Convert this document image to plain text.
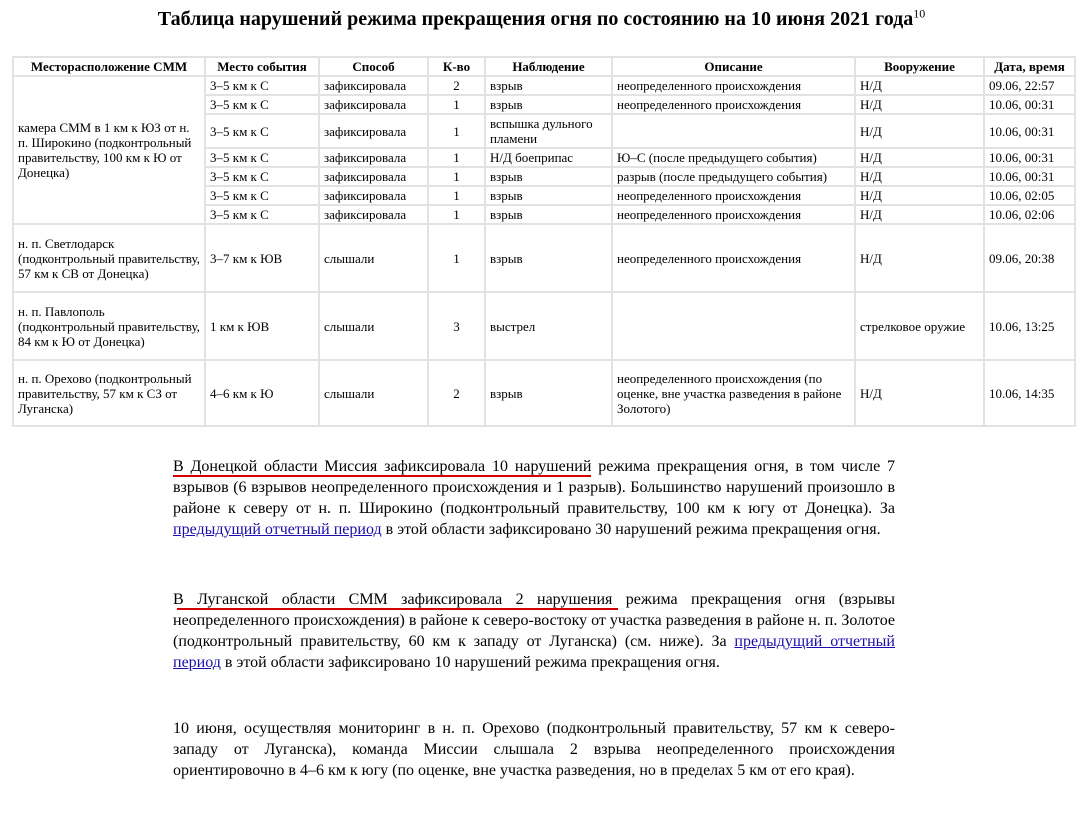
Таблица нарушений режима прекращения огня по состоянию на 10 июня 2021 года$^{10}$
Месторасположение СММ	Место события	Способ	К-во	Наблюдение	Описание	Вооружение	Дата, время
камера СММ в 1 км к ЮЗ от н. п. Широкино (подконтрольный правительству, 100 км к Ю от Донецка)	3–5 км к С	зафиксировала	2	взрыв	неопределенного происхождения	Н/Д	09.06, 22:57
	3–5 км к С	зафиксировала	1	взрыв	неопределенного происхождения	Н/Д	10.06, 00:31
	3–5 км к С	зафиксировала	1	вспышка дульного пламени		Н/Д	10.06, 00:31
	3–5 км к С	зафиксировала	1	Н/Д боеприпас	Ю–С (после предыдущего события)	Н/Д	10.06, 00:31
	3–5 км к С	зафиксировала	1	взрыв	разрыв (после предыдущего события)	Н/Д	10.06, 00:31
	3–5 км к С	зафиксировала	1	взрыв	неопределенного происхождения	Н/Д	10.06, 02:05
	3–5 км к С	зафиксировала	1	взрыв	неопределенного происхождения	Н/Д	10.06, 02:06
н. п. Светлодарск (подконтрольный правительству, 57 км к СВ от Донецка)	3–7 км к ЮВ	слышали	1	взрыв	неопределенного происхождения	Н/Д	09.06, 20:38
н. п. Павлополь (подконтрольный правительству, 84 км к Ю от Донецка)	1 км к ЮВ	слышали	3	выстрел		стрелковое оружие	10.06, 13:25
н. п. Орехово (подконтрольный правительству, 57 км к СЗ от Луганска)	4–6 км к Ю	слышали	2	взрыв	неопределенного происхождения (по оценке, вне участка разведения в районе Золотого)	Н/Д	10.06, 14:35
В Донецкой области Миссия зафиксировала 10 нарушений
режима прекращения огня, в том числе 7 взрывов (6 взрывов неопределенного происхождения и 1 разрыв). Большинство нарушений произошло в районе к северу от н. п. Широкино (подконтрольный правительству, 100 км к югу от Донецка). За предыдущий отчетный период в этой области зафиксировано 30 нарушений режима прекращения огня.
В Луганской области СММ зафиксировала 2 нарушения
режима прекращения огня (взрывы неопределенного происхождения) в районе к северо-востоку от участка разведения в районе н. п. Золотое (подконтрольный правительству, 60 км к западу от Луганска) (см. ниже). За предыдущий отчетный период в этой области зафиксировано 10 нарушений режима прекращения огня.
10 июня, осуществляя мониторинг в н. п. Орехово (подконтрольный правительству, 57 км к северо-западу от Луганска), команда Миссии слышала 2 взрыва неопределенного происхождения ориентировочно в 4–6 км к югу (по оценке, вне участка разведения, но в пределах 5 км от его края).
